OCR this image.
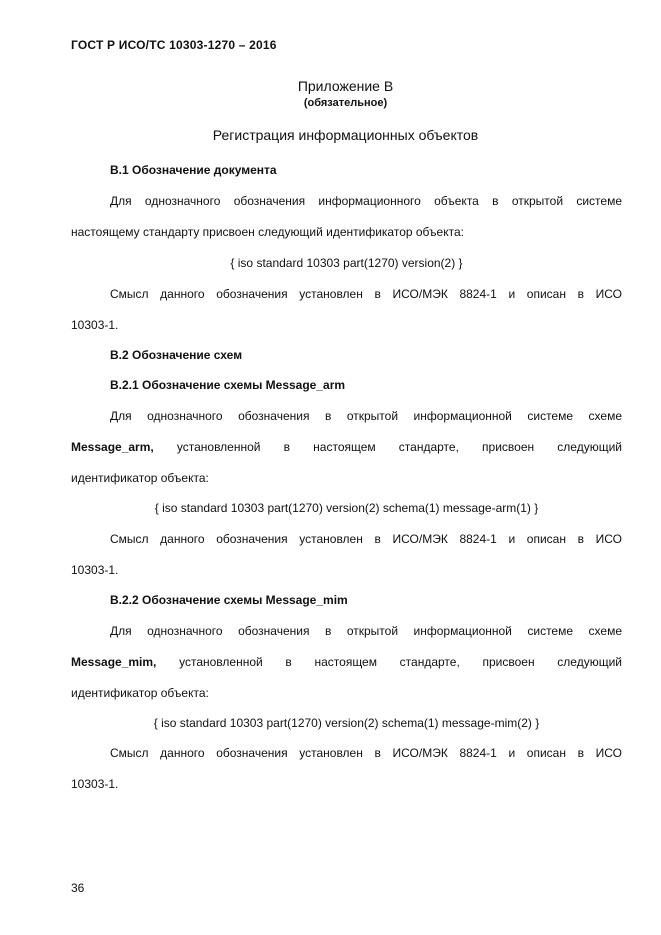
ГОСТ Р ИСО/ТС 10303-1270 – 2016
Приложение В
(обязательное)
Регистрация информационных объектов
В.1 Обозначение документа
Для однозначного обозначения информационного объекта в открытой системе
настоящему стандарту присвоен следующий идентификатор объекта:
{ iso standard 10303 part(1270) version(2) }
Смысл данного обозначения установлен в ИСО/МЭК 8824-1 и описан в ИСО
10303-1.
В.2 Обозначение схем
В.2.1 Обозначение схемы Message_arm
Для однозначного обозначения в открытой информационной системе схеме
Message_arm, установленной в настоящем стандарте, присвоен следующий
идентификатор объекта:
{ iso standard 10303 part(1270) version(2) schema(1) message-arm(1) }
Смысл данного обозначения установлен в ИСО/МЭК 8824-1 и описан в ИСО
10303-1.
В.2.2 Обозначение схемы Message_mim
Для однозначного обозначения в открытой информационной системе схеме
Message_mim, установленной в настоящем стандарте, присвоен следующий
идентификатор объекта:
{ iso standard 10303 part(1270) version(2) schema(1) message-mim(2) }
Смысл данного обозначения установлен в ИСО/МЭК 8824-1 и описан в ИСО
10303-1.
36
